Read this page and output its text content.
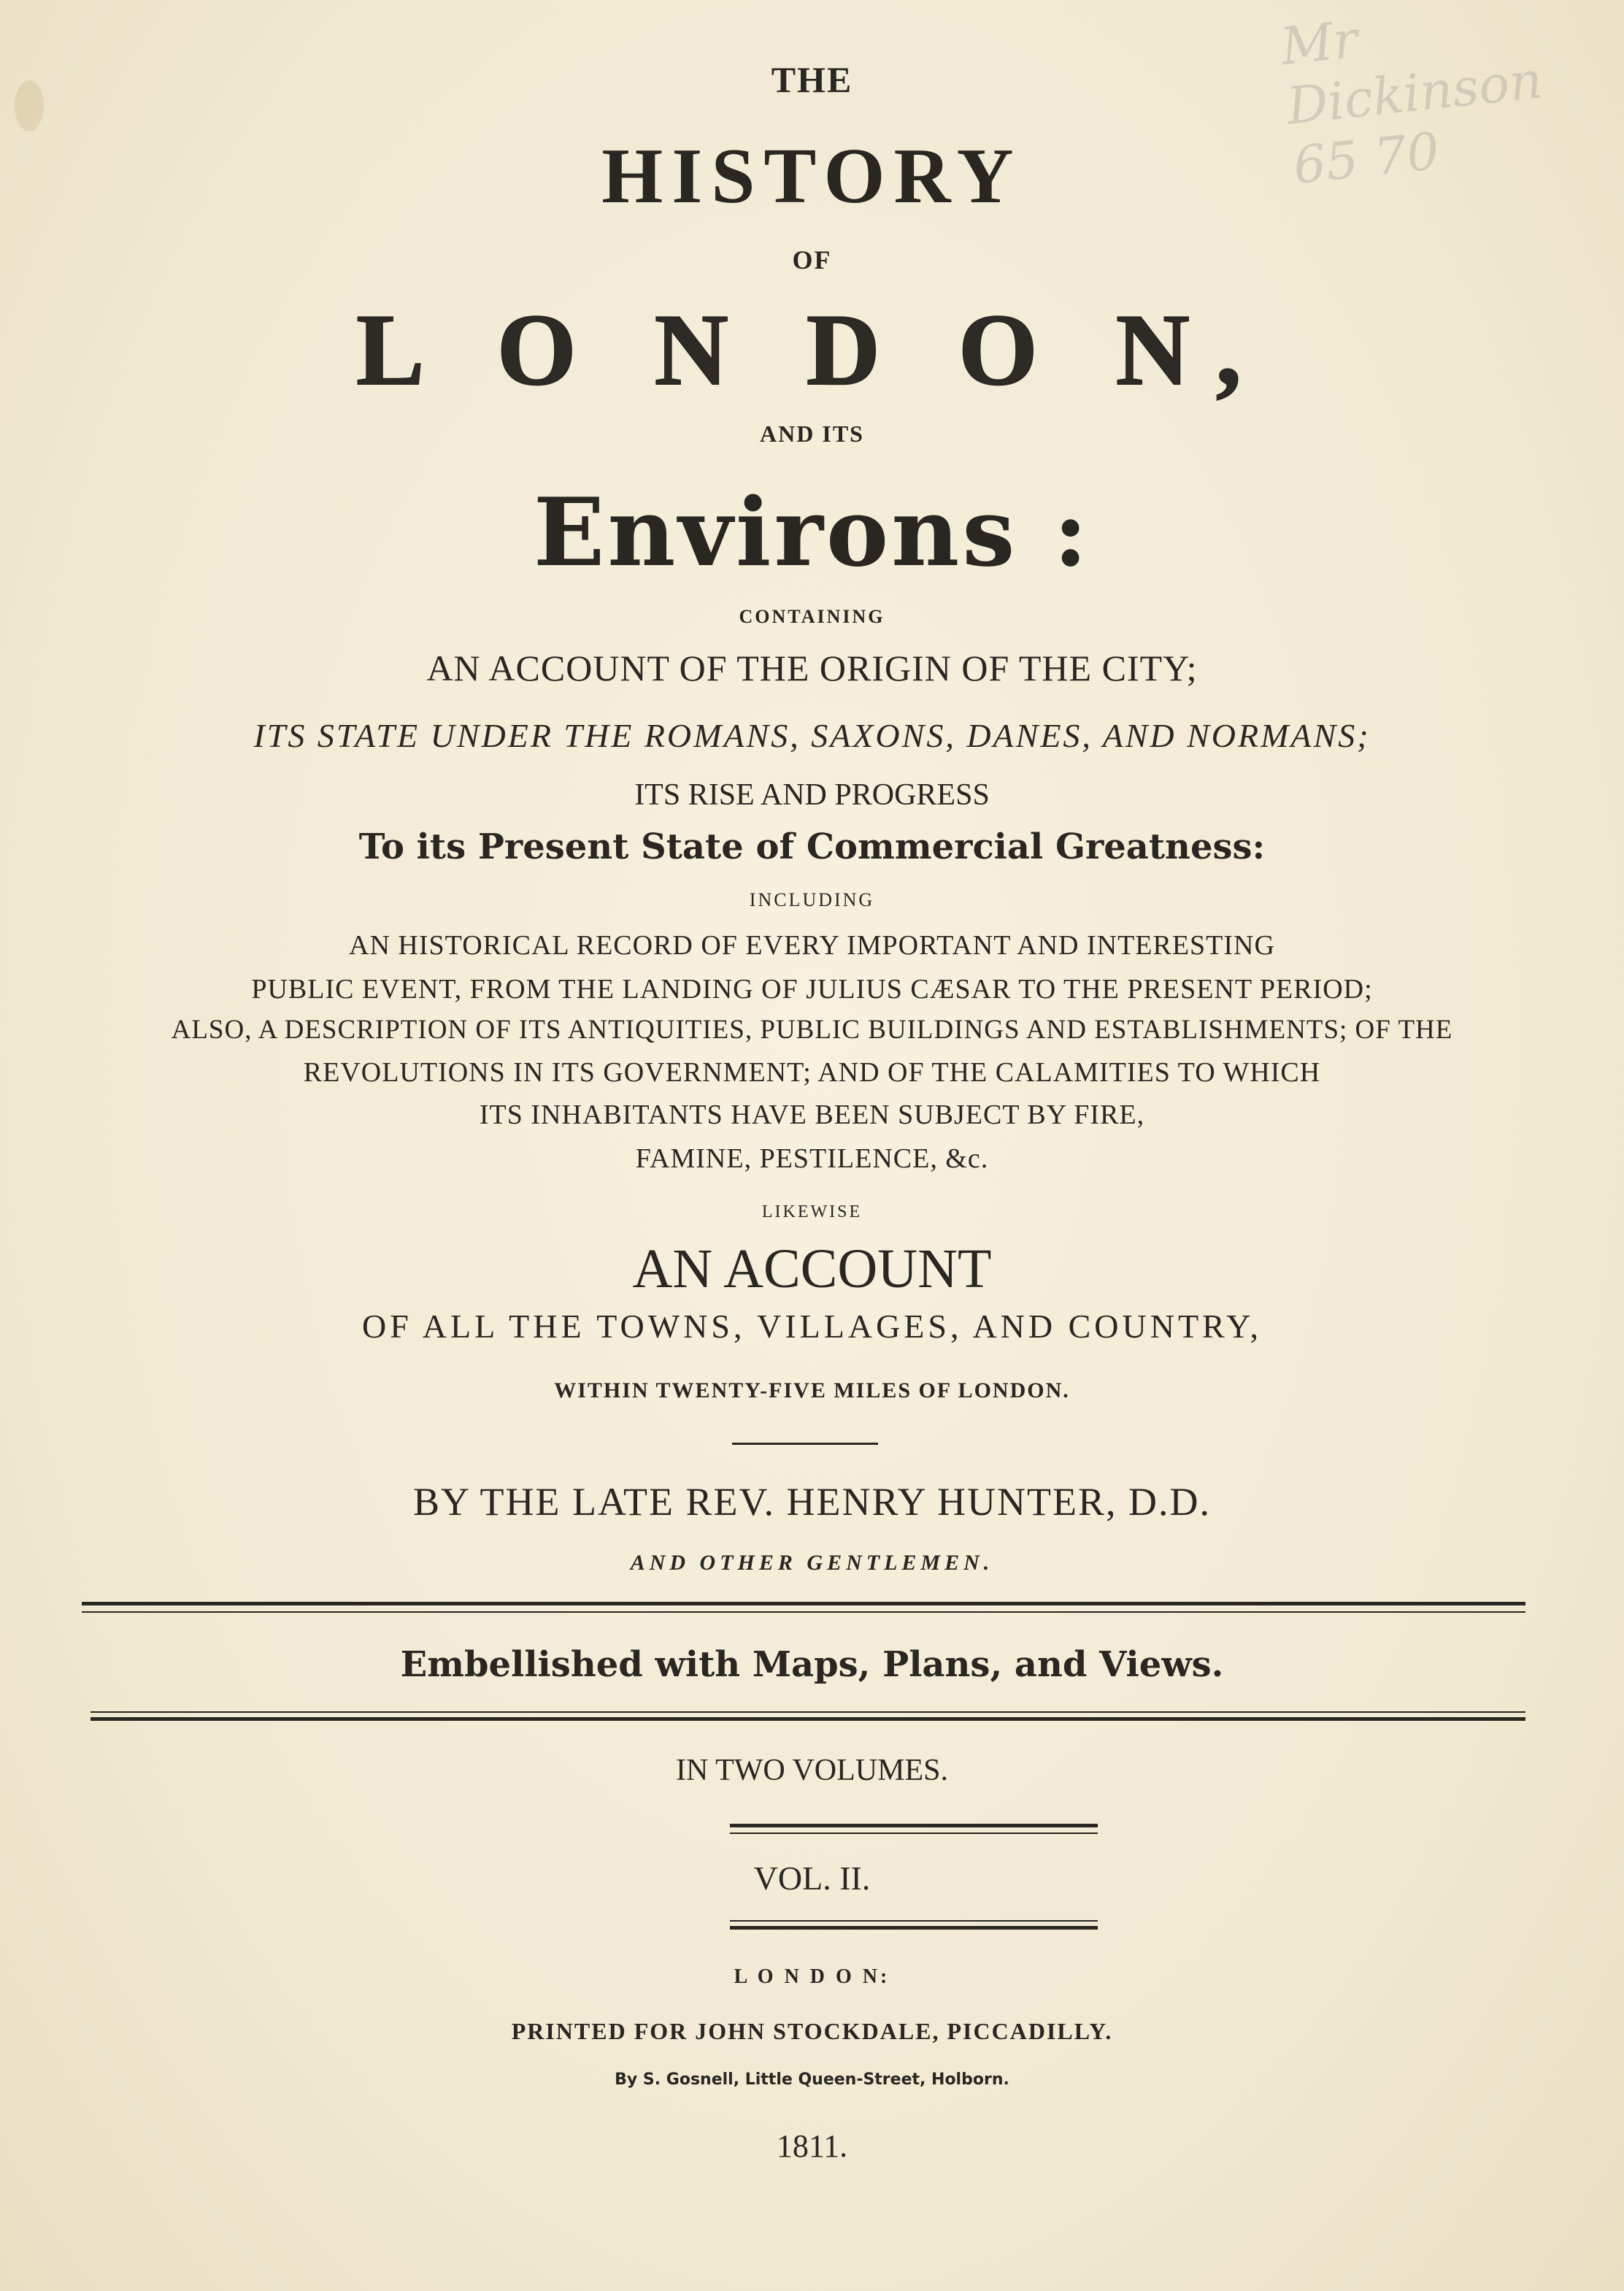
Mr Dickinson 65 70
THE
HISTORY
OF
L O N D O N,
AND ITS
Environs :
CONTAINING
AN ACCOUNT OF THE ORIGIN OF THE CITY;
ITS STATE UNDER THE ROMANS, SAXONS, DANES, AND NORMANS;
ITS RISE AND PROGRESS
To its Present State of Commercial Greatness:
INCLUDING
AN HISTORICAL RECORD OF EVERY IMPORTANT AND INTERESTING
PUBLIC EVENT, FROM THE LANDING OF JULIUS CÆSAR TO THE PRESENT PERIOD;
ALSO, A DESCRIPTION OF ITS ANTIQUITIES, PUBLIC BUILDINGS AND ESTABLISHMENTS; OF THE
REVOLUTIONS IN ITS GOVERNMENT; AND OF THE CALAMITIES TO WHICH
ITS INHABITANTS HAVE BEEN SUBJECT BY FIRE,
FAMINE, PESTILENCE, &c.
LIKEWISE
AN ACCOUNT
OF ALL THE TOWNS, VILLAGES, AND COUNTRY,
WITHIN TWENTY-FIVE MILES OF LONDON.
BY THE LATE REV. HENRY HUNTER, D.D.
AND OTHER GENTLEMEN.
Embellished with Maps, Plans, and Views.
IN TWO VOLUMES.
VOL. II.
L O N D O N:
PRINTED FOR JOHN STOCKDALE, PICCADILLY.
By S. Gosnell, Little Queen-Street, Holborn.
1811.
